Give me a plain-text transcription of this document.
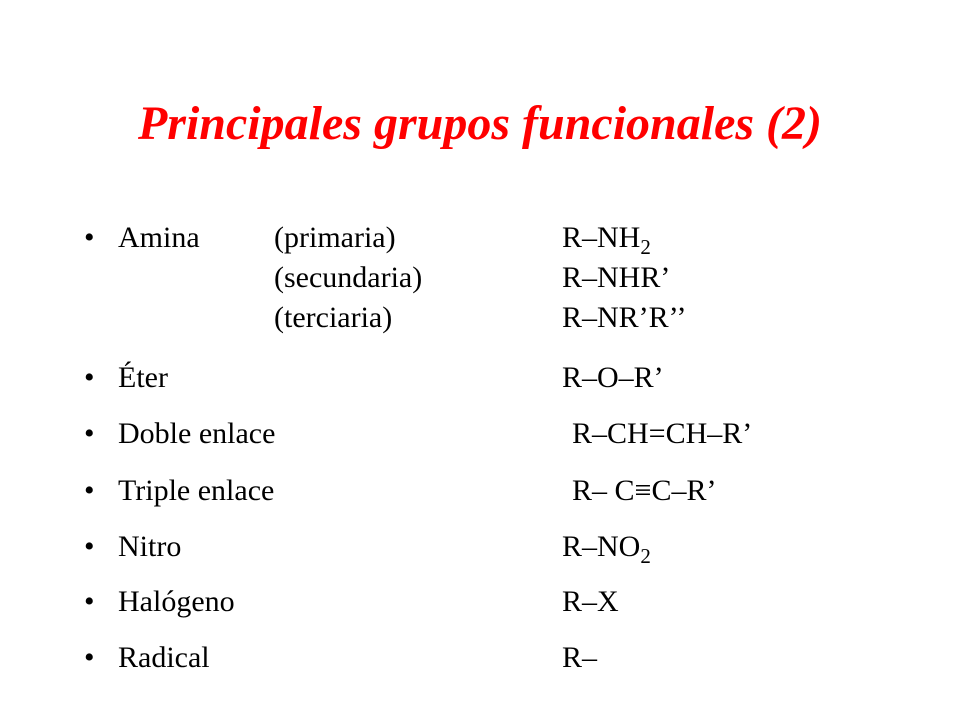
Principales grupos funcionales (2)
• Amina (primaria)	$R-NH_2$
(secundaria)	R–NHR’
(terciaria)	R–NR’R’’
• Éter	R–O–R’
• Doble enlace	R–CH=CH–R’
• Triple enlace	R– C≡C–R’
• Nitro	$R-NO_2$
• Halógeno	R–X
• Radical	R–
